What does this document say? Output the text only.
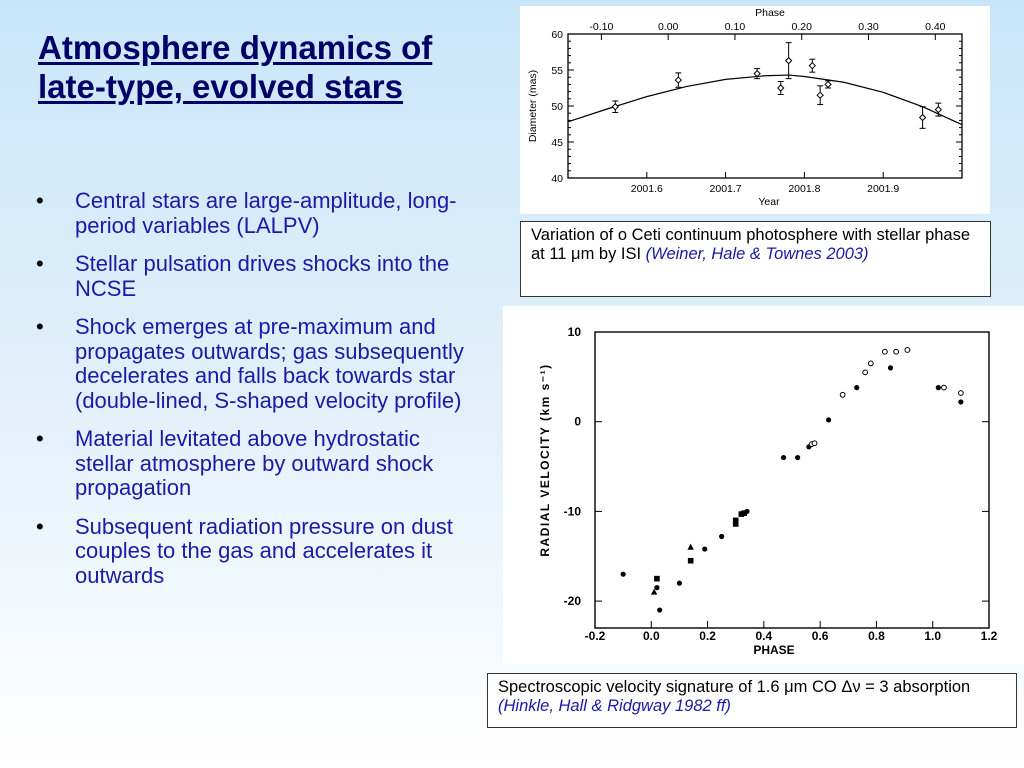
Atmosphere dynamics of late-type, evolved stars
• Central stars are large-amplitude, long-period variables (LALPV)
• Stellar pulsation drives shocks into the NCSE
• Shock emerges at pre-maximum and propagates outwards; gas subsequently decelerates and falls back towards star (double-lined, S-shaped velocity profile)
• Material levitated above hydrostatic stellar atmosphere by outward shock propagation
• Subsequent radiation pressure on dust couples to the gas and accelerates it outwards
40
45
50
55
60
2001.6	2001.7	2001.8	2001.9
-0.10	0.00	0.10	0.20	0.30	0.40
Year
Phase
Diameter (mas)
Variation of ο Ceti continuum photosphere with stellar phase at 11 μm by ISI (Weiner, Hale & Townes 2003)
-20
-10
0
10
-0.2	0.0	0.2	0.4	0.6	0.8	1.0	1.2
PHASE
RADIAL VELOCITY (km s⁻¹)
Spectroscopic velocity signature of 1.6 μm CO Δν = 3 absorption (Hinkle, Hall & Ridgway 1982 ff)
